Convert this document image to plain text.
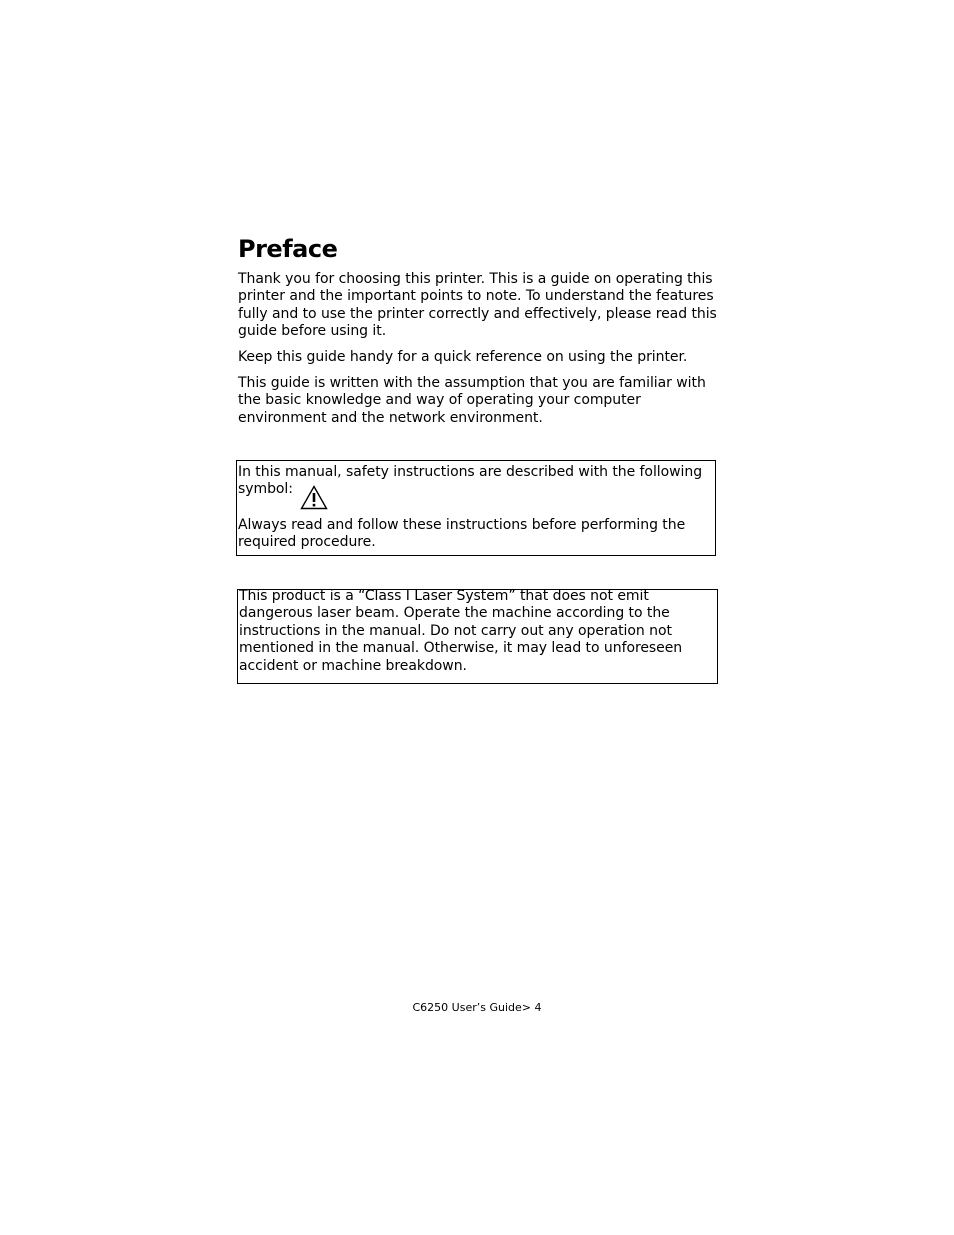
Preface

Thank you for choosing this printer. This is a guide on operating this printer and the important points to note. To understand the features fully and to use the printer correctly and effectively, please read this guide before using it.

Keep this guide handy for a quick reference on using the printer.

This guide is written with the assumption that you are familiar with the basic knowledge and way of operating your computer environment and the network environment.

In this manual, safety instructions are described with the following symbol:

Always read and follow these instructions before performing the required procedure.

This product is a “Class I Laser System” that does not emit dangerous laser beam. Operate the machine according to the instructions in the manual. Do not carry out any operation not mentioned in the manual. Otherwise, it may lead to unforeseen accident or machine breakdown.

C6250 User’s Guide> 4
